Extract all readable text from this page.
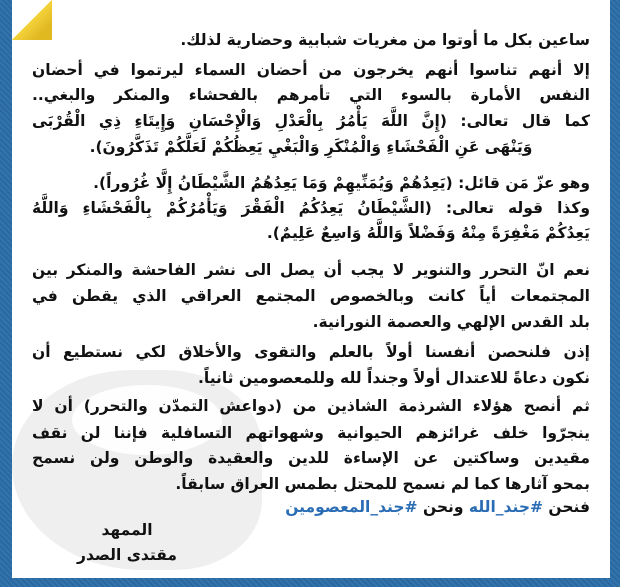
ساعين بكل ما أوتوا من مغريات شبابية وحضارية لذلك.
إلا أنهم تناسوا أنهم يخرجون من أحضان السماء ليرتموا في أحضان
النفس الأمارة بالسوء التي تأمرهم بالفحشاء والمنكر والبغي..
كما قال تعالى: (إِنَّ اللَّهَ يَأْمُرُ بِالْعَدْلِ وَالْإِحْسَانِ وَإِيتَاءِ ذِي الْقُرْبَى
وَيَنْهَى عَنِ الْفَحْشَاءِ وَالْمُنْكَرِ وَالْبَغْيِ يَعِظُكُمْ لَعَلَّكُمْ تَذَكَّرُونَ).
وهو عزّ مَن قائل: (يَعِدُهُمْ وَيُمَنِّيهِمْ وَمَا يَعِدُهُمُ الشَّيْطَانُ إِلَّا غُرُوراً).
وكذا قوله تعالى: (الشَّيْطَانُ يَعِدُكُمُ الْفَقْرَ وَيَأْمُرُكُمْ بِالْفَحْشَاءِ وَاللَّهُ
يَعِدُكُمْ مَغْفِرَةً مِنْهُ وَفَضْلاً وَاللَّهُ وَاسِعٌ عَلِيمٌ).
نعم انّ التحرر والتنوير لا يجب أن يصل الى نشر الفاحشة والمنكر بين
المجتمعات أياً كانت وبالخصوص المجتمع العراقي الذي يقطن في
بلد القدس الإلهي والعصمة النورانية.
إذن فلنحصن أنفسنا أولاً بالعلم والتقوى والأخلاق لكي نستطيع أن
نكون دعاةً للاعتدال أولاً وجنداً لله وللمعصومين ثانياً.
ثم أنصح هؤلاء الشرذمة الشاذين من (دواعش التمدّن والتحرر) أن لا
ينجرّوا خلف غرائزهم الحيوانية وشهواتهم التسافلية فإننا لن نقف
مقيدين وساكتين عن الإساءة للدين والعقيدة والوطن ولن نسمح
بمحو آثارها كما لم نسمح للمحتل بطمس العراق سابقاً.
فنحن #جند_الله ونحن #جند_المعصومين
الممهد
مقتدى الصدر
